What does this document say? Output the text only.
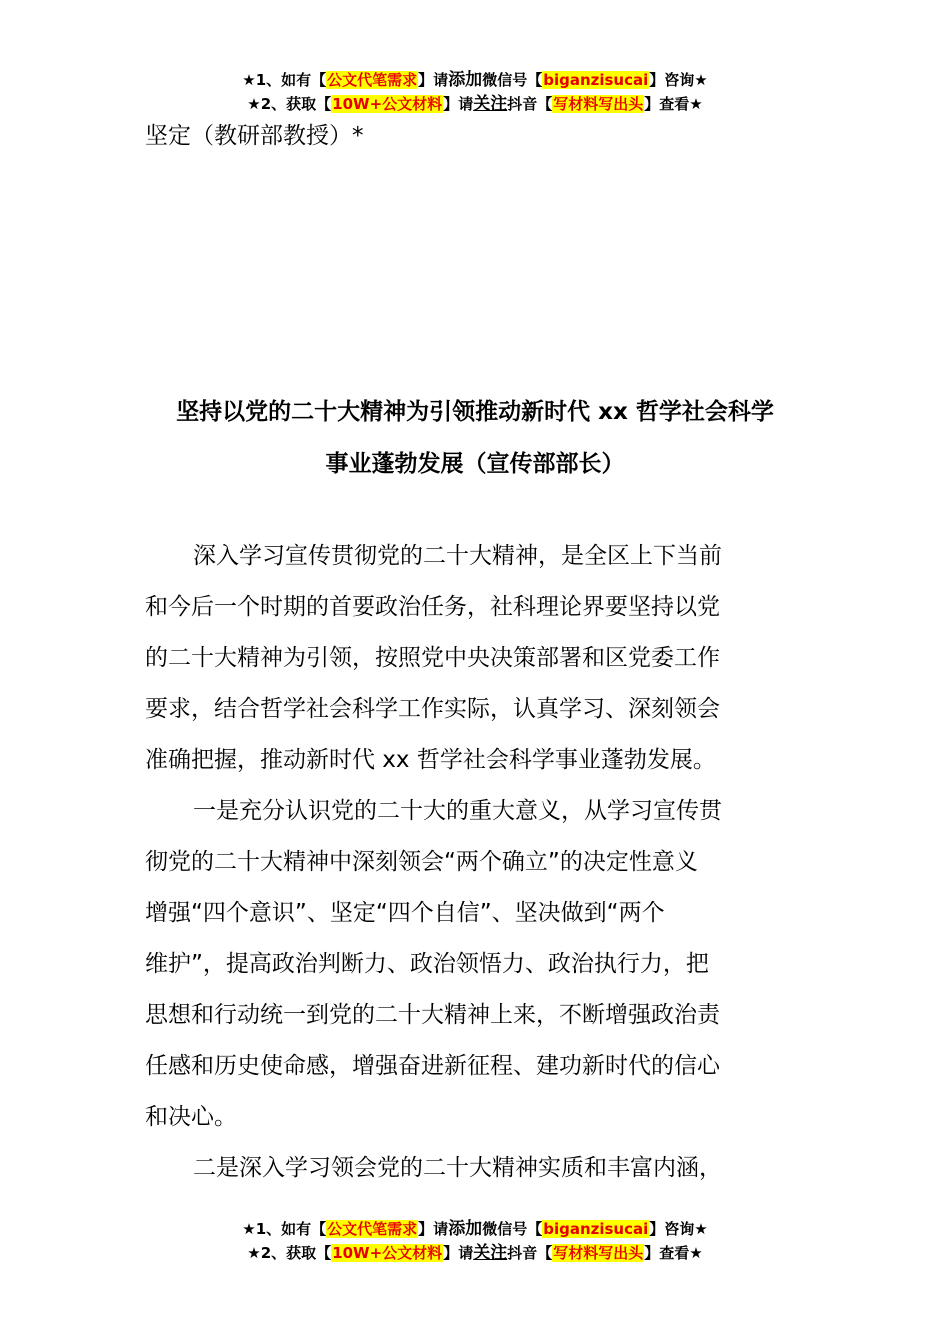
★1、如有【公文代笔需求】请添加微信号【biganzisucai】咨询★
★2、获取【10W+公文材料】请关注抖音【写材料写出头】查看★
坚定（教研部教授）*
坚持以党的二十大精神为引领推动新时代 xx 哲学社会科学
事业蓬勃发展（宣传部部长）
深入学习宣传贯彻党的二十大精神，是全区上下当前
和今后一个时期的首要政治任务，社科理论界要坚持以党
的二十大精神为引领，按照党中央决策部署和区党委工作
要求，结合哲学社会科学工作实际，认真学习、深刻领会
准确把握，推动新时代 xx 哲学社会科学事业蓬勃发展。
一是充分认识党的二十大的重大意义，从学习宣传贯
彻党的二十大精神中深刻领会“两个确立”的决定性意义
增强“四个意识”、坚定“四个自信”、坚决做到“两个
维护”，提高政治判断力、政治领悟力、政治执行力，把
思想和行动统一到党的二十大精神上来，不断增强政治责
任感和历史使命感，增强奋进新征程、建功新时代的信心
和决心。
二是深入学习领会党的二十大精神实质和丰富内涵，
★1、如有【公文代笔需求】请添加微信号【biganzisucai】咨询★
★2、获取【10W+公文材料】请关注抖音【写材料写出头】查看★
